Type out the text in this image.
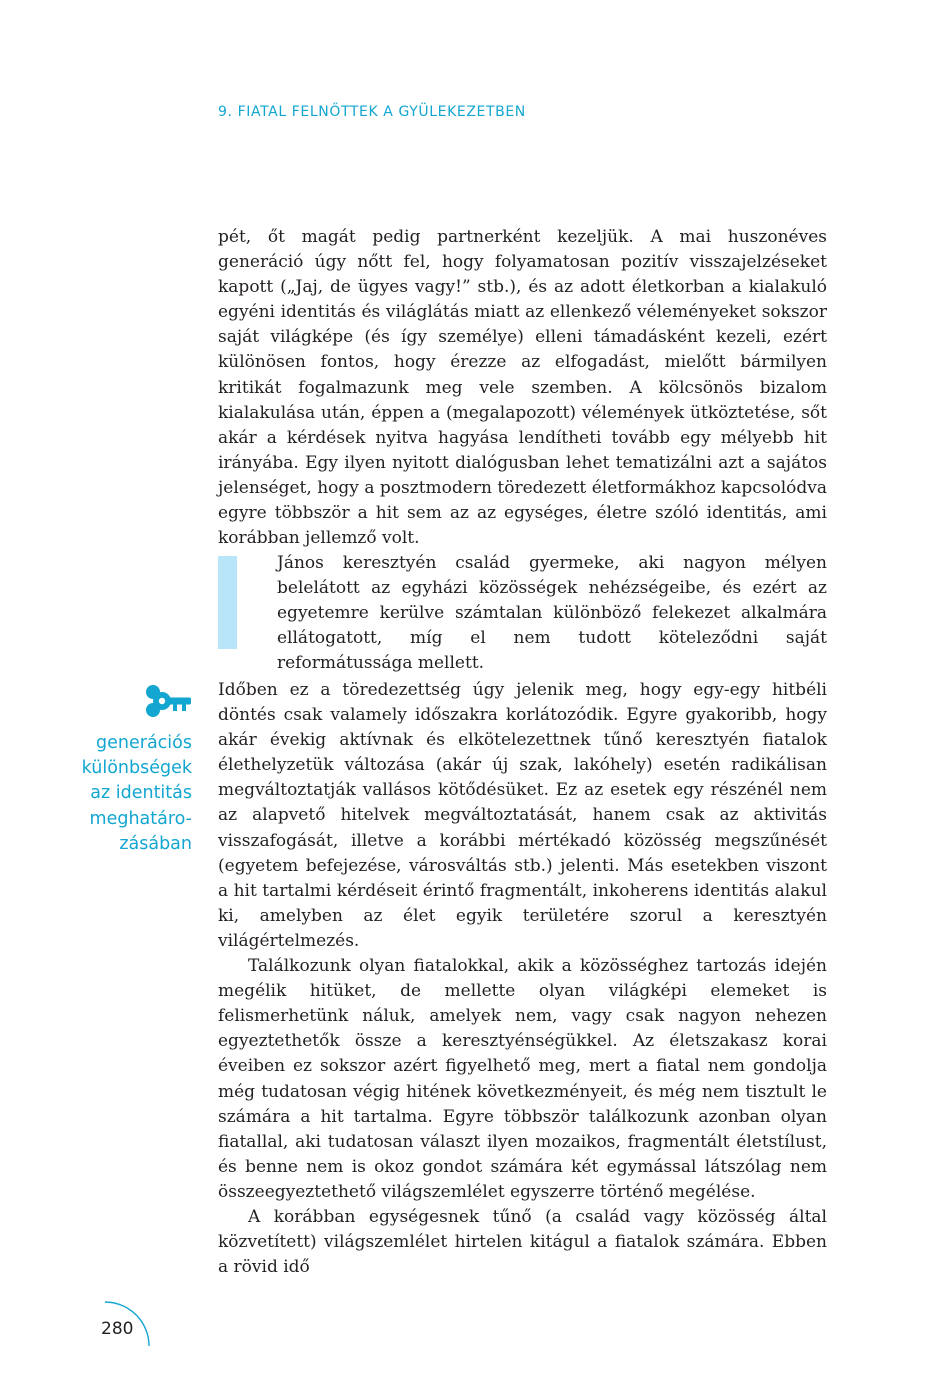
9. FIATAL FELNŐTTEK A GYÜLEKEZETBEN

pét, őt magát pedig partnerként kezeljük. A mai huszonéves generáció úgy nőtt fel, hogy folyamatosan pozitív visszajelzéseket kapott („Jaj, de ügyes vagy!” stb.), és az adott életkorban a kialakuló egyéni identitás és világlátás miatt az ellenkező véleményeket sokszor saját világképe (és így személye) elleni támadásként kezeli, ezért különösen fontos, hogy érezze az elfogadást, mielőtt bármilyen kritikát fogalmazunk meg vele szemben. A kölcsönös bizalom kialakulása után, éppen a (megalapozott) vélemények ütköztetése, sőt akár a kérdések nyitva hagyása lendítheti tovább egy mélyebb hit irányába. Egy ilyen nyitott dialógusban lehet tematizálni azt a sajátos jelenséget, hogy a posztmodern töredezett életformákhoz kapcsolódva egyre többször a hit sem az az egységes, életre szóló identitás, ami korábban jellemző volt.

János keresztyén család gyermeke, aki nagyon mélyen belelátott az egyházi közösségek nehézségeibe, és ezért az egyetemre kerülve számtalan különböző felekezet alkalmára ellátogatott, míg el nem tudott köteleződni saját reformátussága mellett.

generációs
különbségek
az identitás
meghatáro-
zásában

Időben ez a töredezettség úgy jelenik meg, hogy egy-egy hitbéli döntés csak valamely időszakra korlátozódik. Egyre gyakoribb, hogy akár évekig aktívnak és elkötelezettnek tűnő keresztyén fiatalok élethelyzetük változása (akár új szak, lakóhely) esetén radikálisan megváltoztatják vallásos kötődésüket. Ez az esetek egy részénél nem az alapvető hitelvek megváltoztatását, hanem csak az aktivitás visszafogását, illetve a korábbi mértékadó közösség megszűnését (egyetem befejezése, városváltás stb.) jelenti. Más esetekben viszont a hit tartalmi kérdéseit érintő fragmentált, inkoherens identitás alakul ki, amelyben az élet egyik területére szorul a keresztyén világértelmezés.

Találkozunk olyan fiatalokkal, akik a közösséghez tartozás idején megélik hitüket, de mellette olyan világképi elemeket is felismerhetünk náluk, amelyek nem, vagy csak nagyon nehezen egyeztethetők össze a keresztyénségükkel. Az életszakasz korai éveiben ez sokszor azért figyelhető meg, mert a fiatal nem gondolja még tudatosan végig hitének következményeit, és még nem tisztult le számára a hit tartalma. Egyre többször találkozunk azonban olyan fiatallal, aki tudatosan választ ilyen mozaikos, fragmentált életstílust, és benne nem is okoz gondot számára két egymással látszólag nem összeegyeztethető világszemlélet egyszerre történő megélése.

A korábban egységesnek tűnő (a család vagy közösség által közvetített) világszemlélet hirtelen kitágul a fiatalok számára. Ebben a rövid idő

280
